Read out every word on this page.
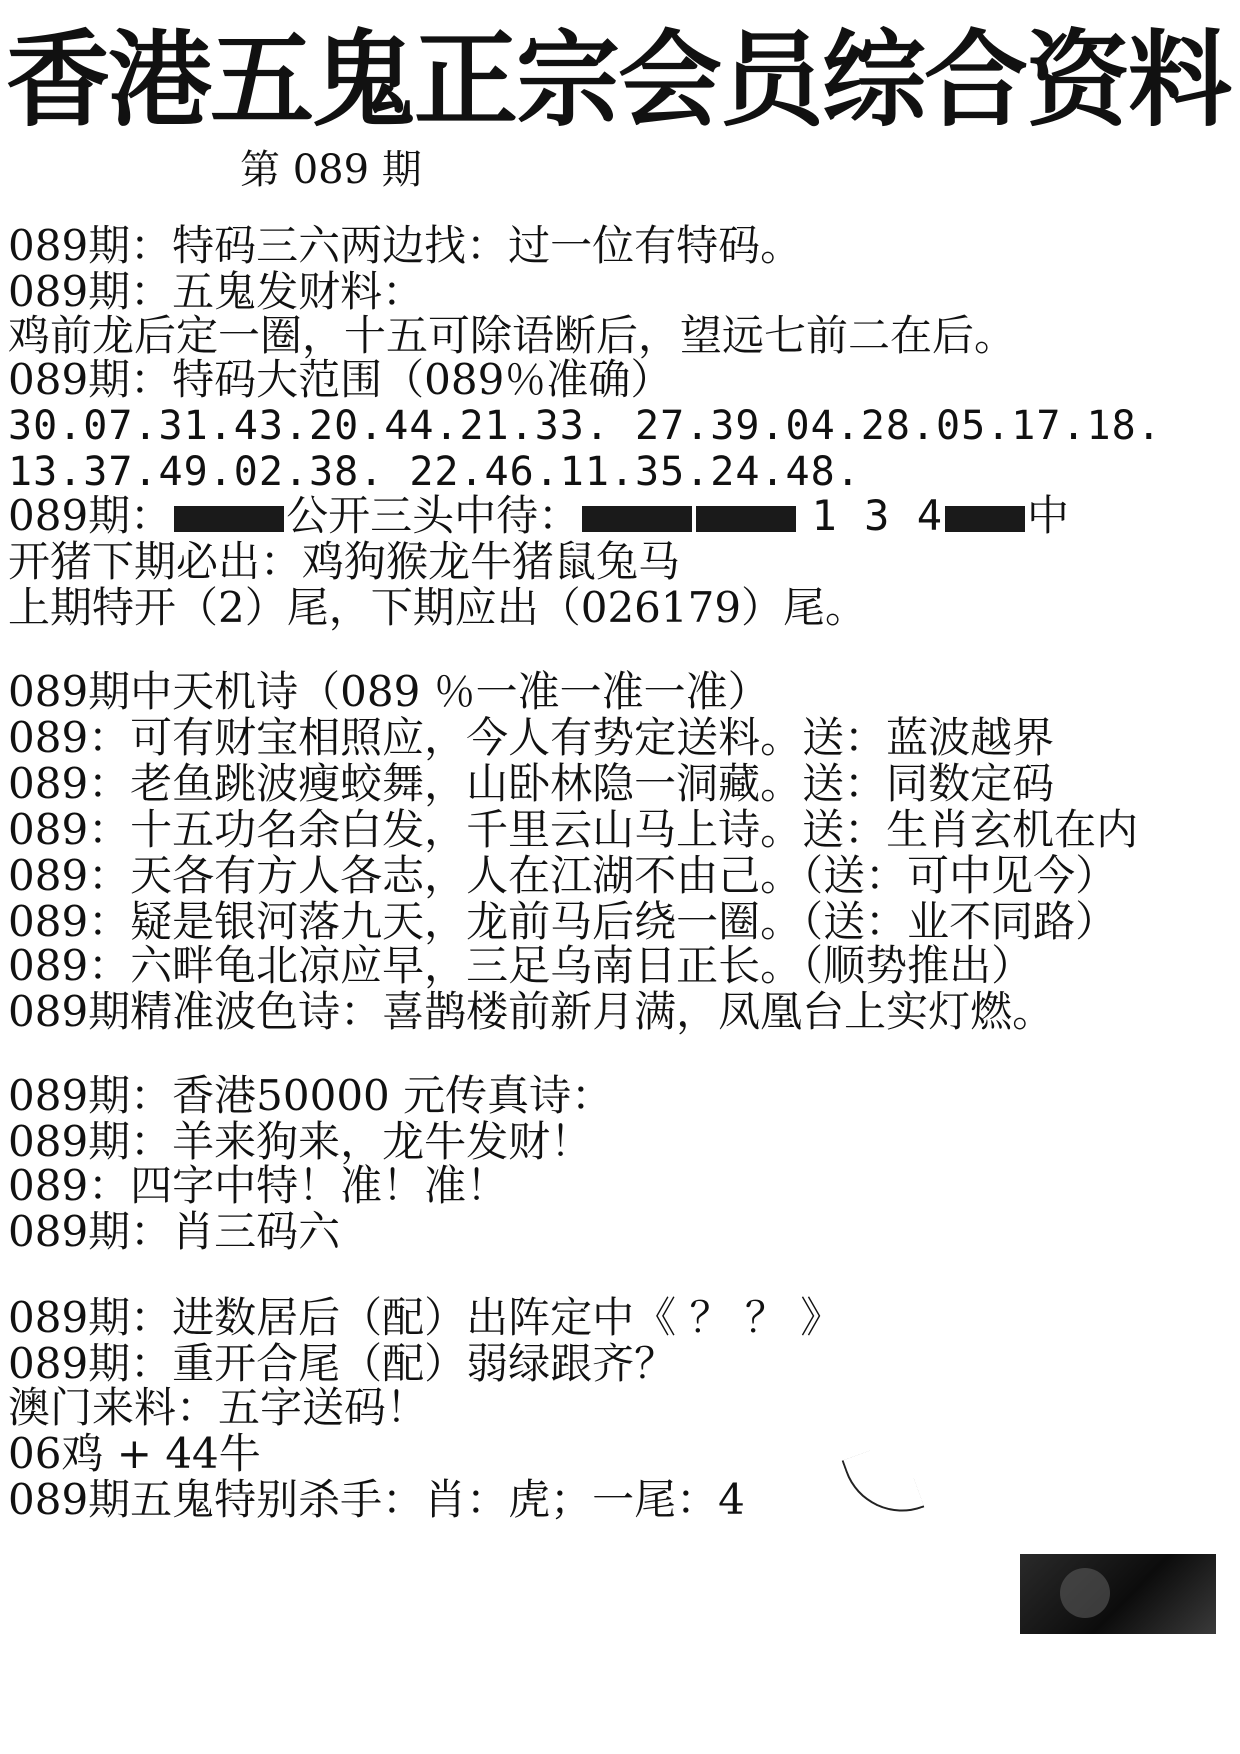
香港五鬼正宗会员综合资料
第 089 期
089期：特码三六两边找：过一位有特码。
089期：五鬼发财料：
鸡前龙后定一圈，十五可除语断后，望远七前二在后。
089期：特码大范围（089％准确）
30.07.31.43.20.44.21.33. 27.39.04.28.05.17.18.
13.37.49.02.38. 22.46.11.35.24.48.
089期：	公开三头中待：	1 3 4 中
开猪下期必出：鸡狗猴龙牛猪鼠兔马
上期特开（2）尾，下期应出（026179）尾。
089期中天机诗（089 ％一准一准一准）
089：可有财宝相照应，今人有势定送料。送：蓝波越界
089：老鱼跳波瘦蛟舞，山卧林隐一洞藏。送：同数定码
089：十五功名余白发，千里云山马上诗。送：生肖玄机在内
089：天各有方人各志，人在江湖不由己。（送：可中见今）
089：疑是银河落九天，龙前马后绕一圈。（送：业不同路）
089：六畔龟北凉应早，三足乌南日正长。（顺势推出）
089期精准波色诗：喜鹊楼前新月满，凤凰台上实灯燃。
089期：香港50000 元传真诗：
089期：羊来狗来，龙牛发财！
089：四字中特！准！准！
089期：肖三码六
089期：进数居后（配）出阵定中《 ？ ？ 》
089期：重开合尾（配）弱绿跟齐？
澳门来料：五字送码！
06鸡 + 44牛
089期五鬼特别杀手：肖：虎；一尾：4
